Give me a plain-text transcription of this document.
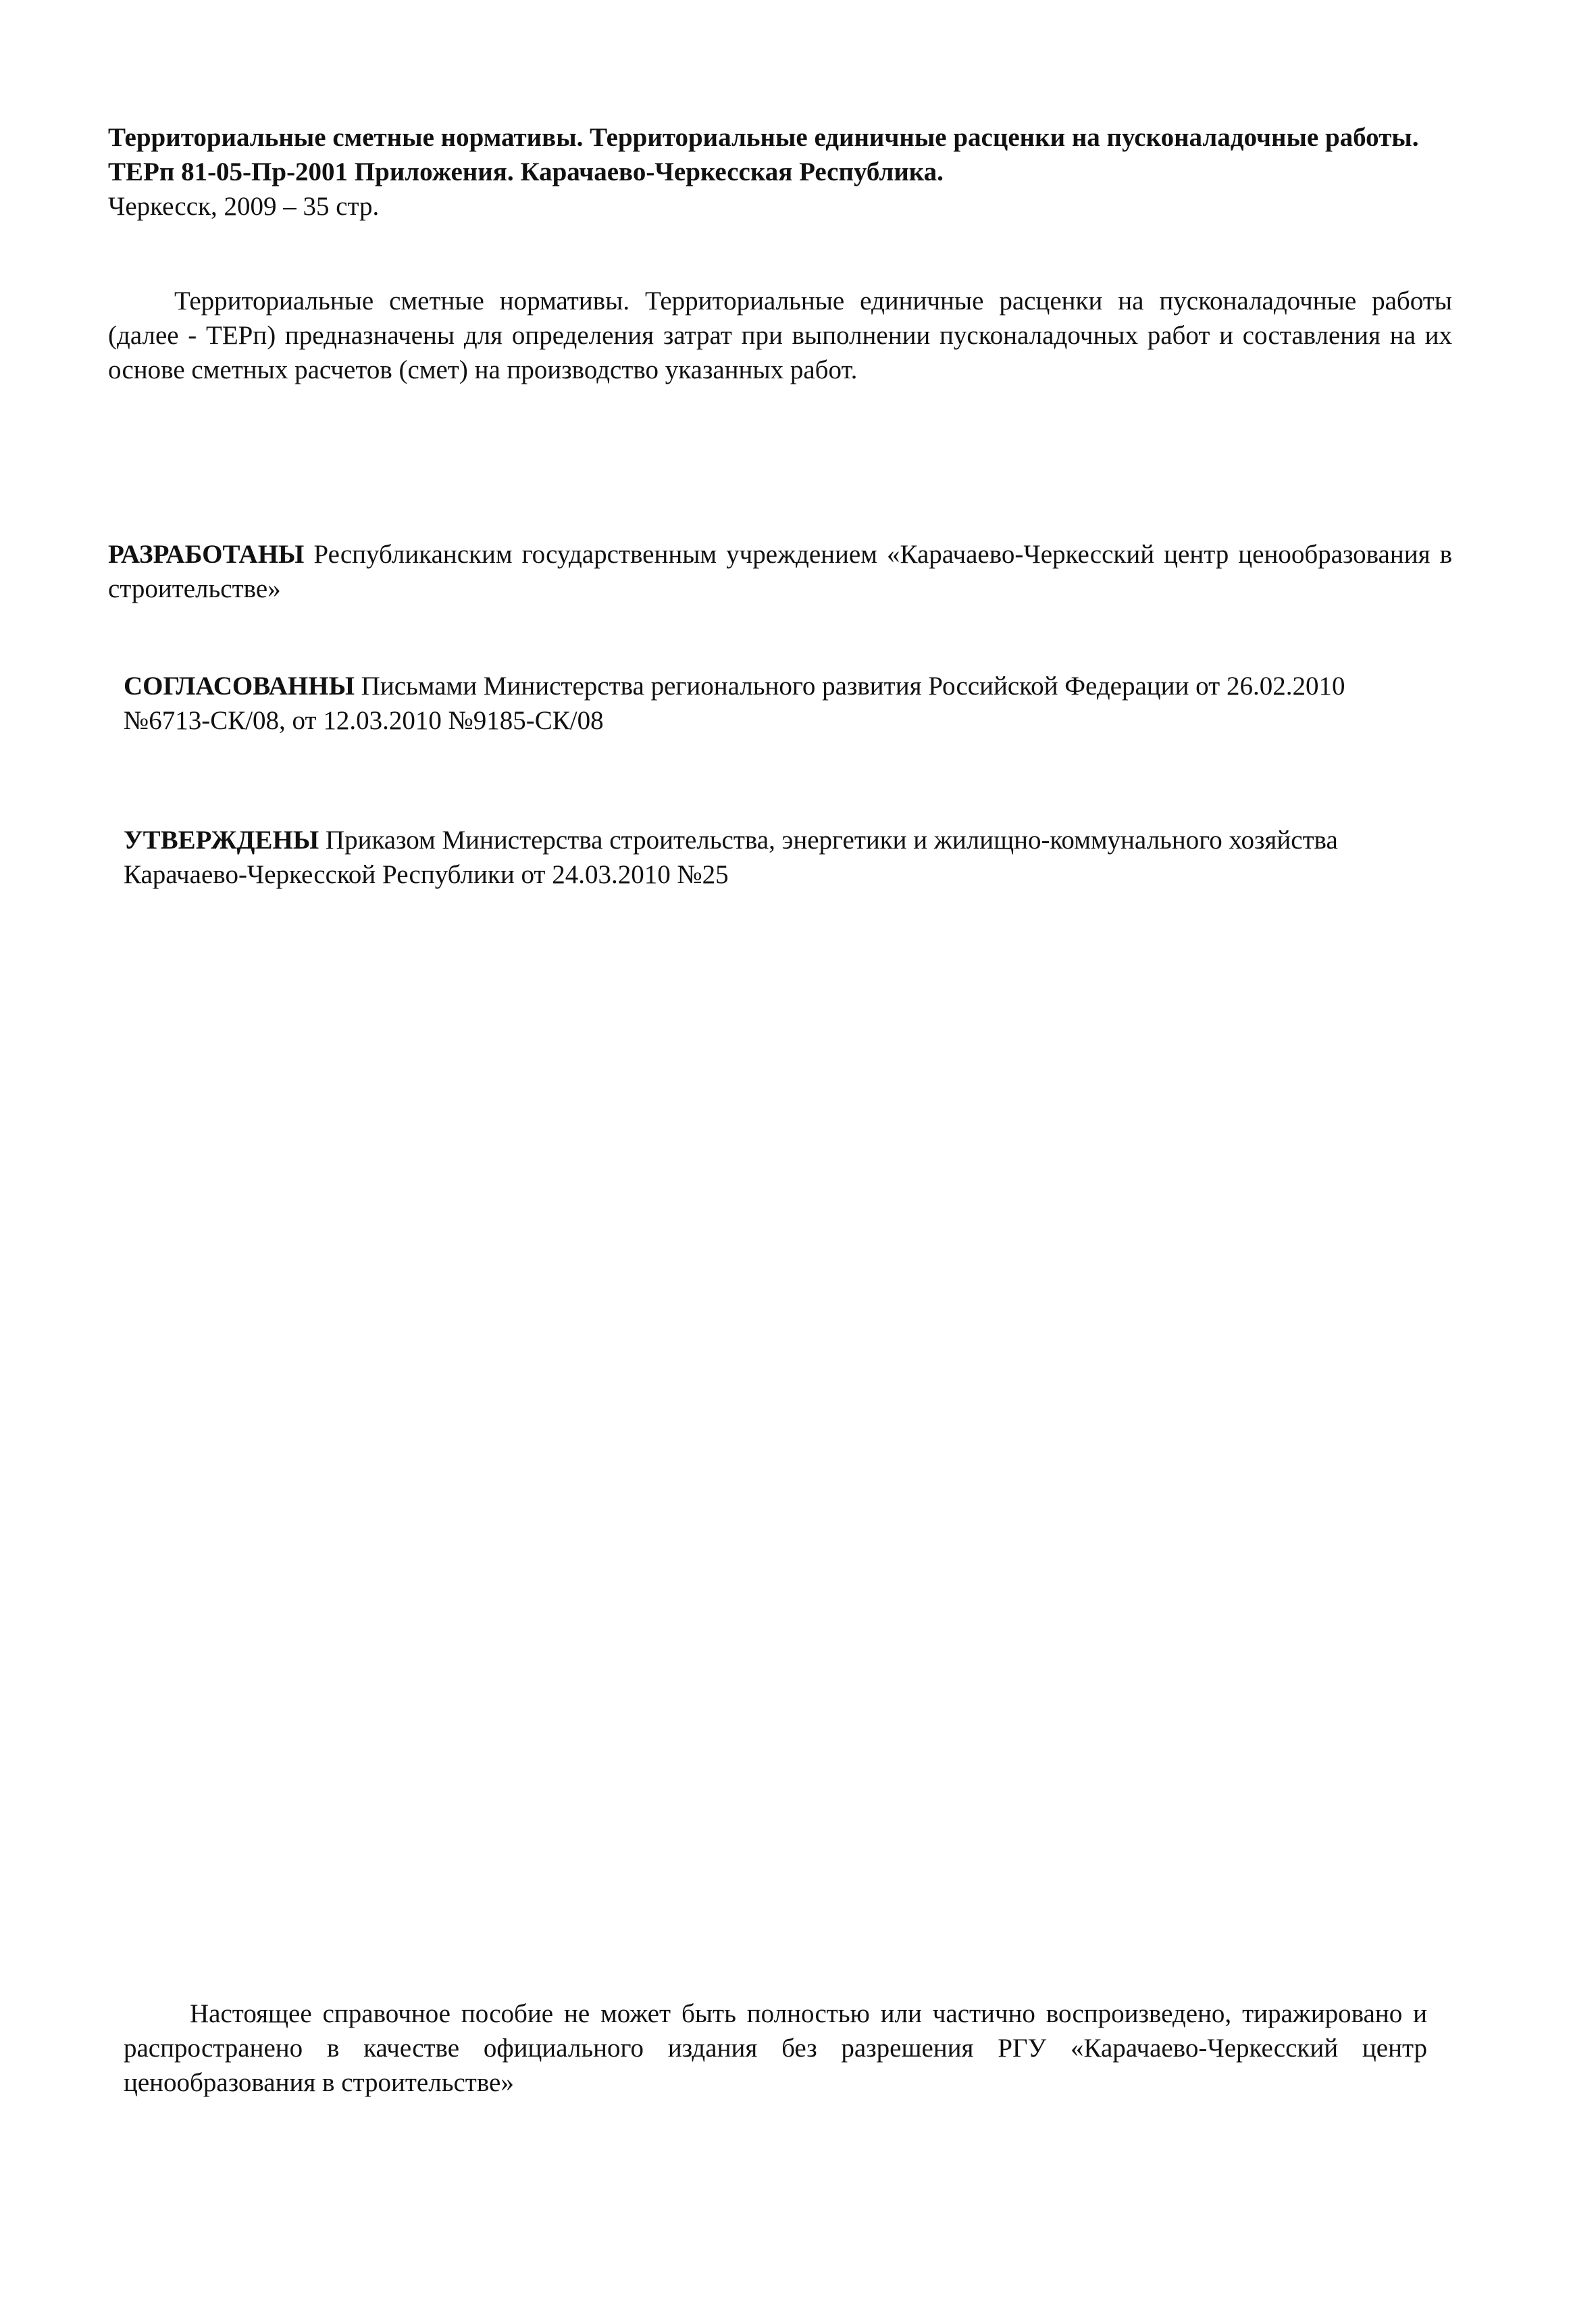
Территориальные сметные нормативы. Территориальные единичные расценки на пусконаладочные работы.
ТЕРп 81-05-Пр-2001 Приложения. Карачаево-Черкесская Республика.
Черкесск, 2009 – 35 стр.
Территориальные сметные нормативы. Территориальные единичные расценки на пусконаладочные работы (далее - ТЕРп) предназначены для определения затрат при выполнении пусконаладочных работ и составления на их основе сметных расчетов (смет) на производство указанных работ.
РАЗРАБОТАНЫ Республиканским государственным учреждением «Карачаево-Черкесский центр ценообразования в строительстве»
СОГЛАСОВАННЫ Письмами Министерства регионального развития Российской Федерации от 26.02.2010 №6713-СК/08, от 12.03.2010 №9185-СК/08
УТВЕРЖДЕНЫ Приказом Министерства строительства, энергетики и жилищно-коммунального хозяйства Карачаево-Черкесской Республики от 24.03.2010 №25
Настоящее справочное пособие не может быть полностью или частично воспроизведено, тиражировано и распространено в качестве официального издания без разрешения РГУ «Карачаево-Черкесский центр ценообразования в строительстве»
